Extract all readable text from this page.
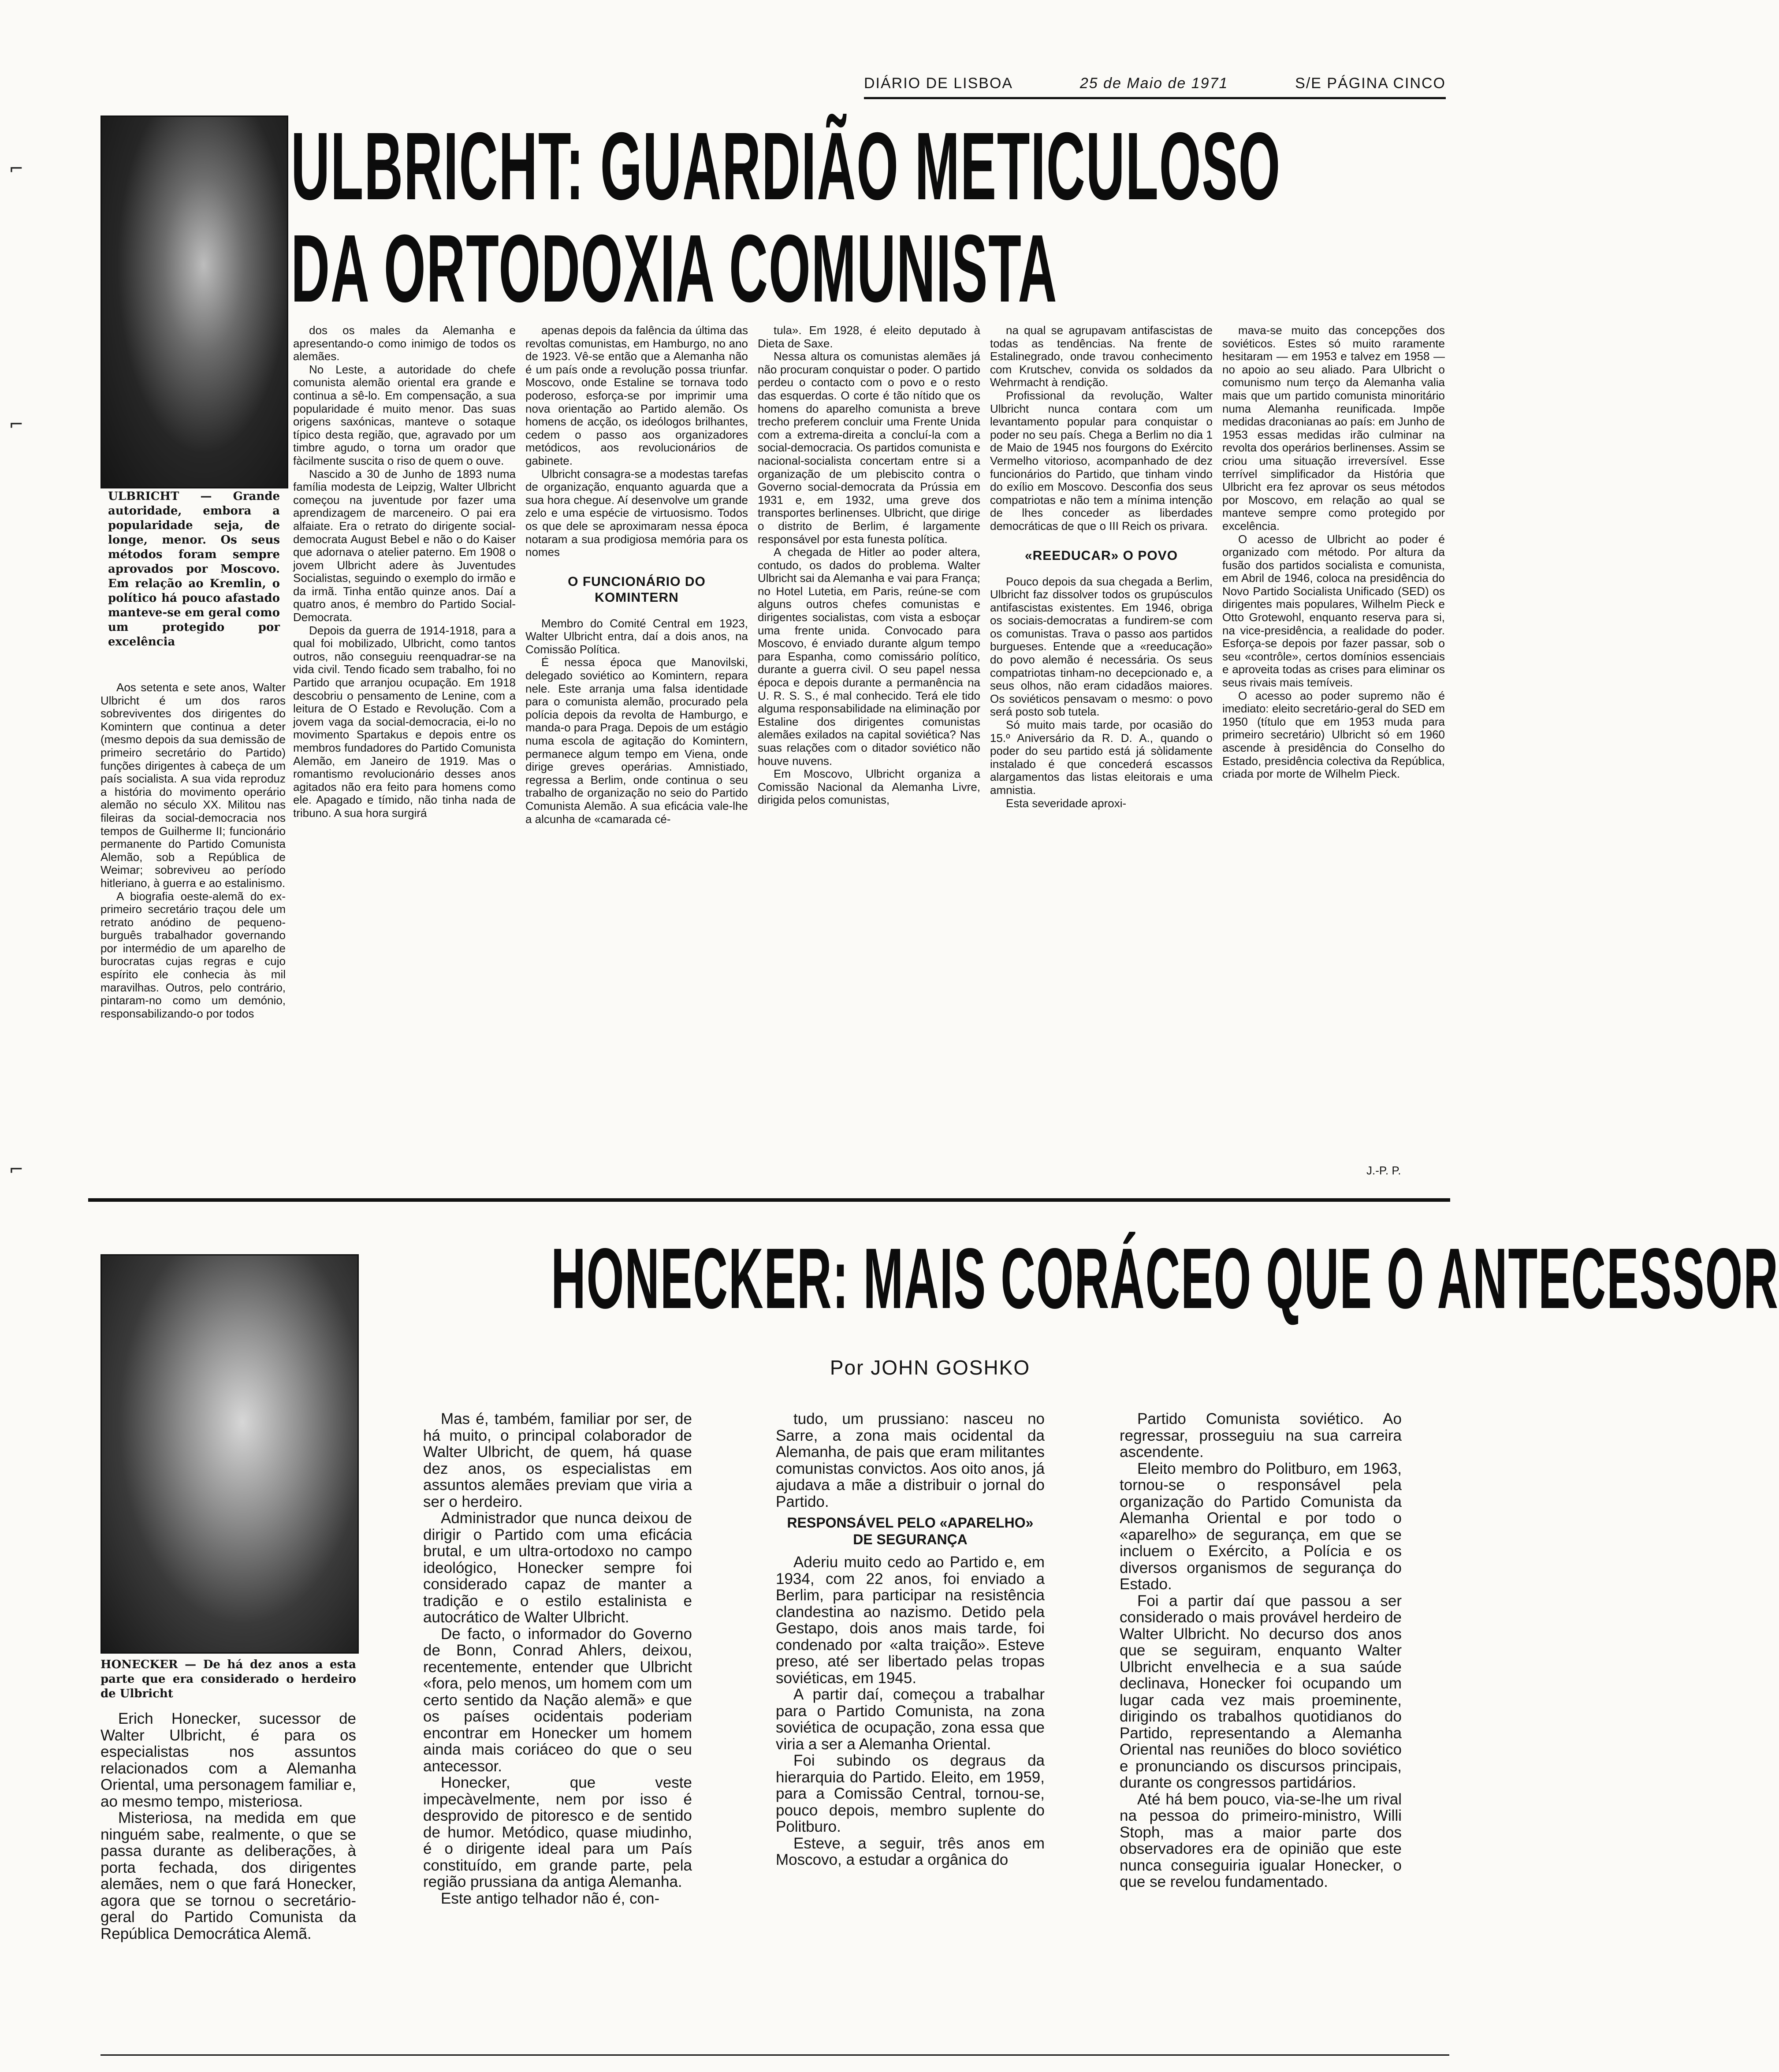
DIÁRIO DE LISBOA	25 de Maio de 1971	S/E PÁGINA CINCO
⌐
⌐
⌐
ULBRICHT: GUARDIÃO METICULOSO
DA ORTODOXIA COMUNISTA
ULBRICHT — Grande autoridade, embora a popularidade seja, de longe, menor. Os seus métodos foram sempre aprovados por Moscovo. Em relação ao Kremlin, o político há pouco afastado manteve-se em geral como um protegido por excelência

Aos setenta e sete anos, Walter Ulbricht é um dos raros sobreviventes dos dirigentes do Komintern que continua a deter (mesmo depois da sua demissão de primeiro secretário do Partido) funções dirigentes à cabeça de um país socialista. A sua vida reproduz a história do movimento operário alemão no século XX. Militou nas fileiras da social-democracia nos tempos de Guilherme II; funcionário permanente do Partido Comunista Alemão, sob a República de Weimar; sobreviveu ao período hitleriano, à guerra e ao estalinismo.

A biografia oeste-alemã do ex-primeiro secretário traçou dele um retrato anódino de pequeno-burguês trabalhador governando por intermédio de um aparelho de burocratas cujas regras e cujo espírito ele conhecia às mil maravilhas. Outros, pelo contrário, pintaram-no como um demónio, responsabilizando-o por todos

dos os males da Alemanha e apresentando-o como inimigo de todos os alemães.

No Leste, a autoridade do chefe comunista alemão oriental era grande e continua a sê-lo. Em compensação, a sua popularidade é muito menor. Das suas origens saxónicas, manteve o sotaque típico desta região, que, agravado por um timbre agudo, o torna um orador que fàcilmente suscita o riso de quem o ouve.

Nascido a 30 de Junho de 1893 numa família modesta de Leipzig, Walter Ulbricht começou na juventude por fazer uma aprendizagem de marceneiro. O pai era alfaiate. Era o retrato do dirigente social-democrata August Bebel e não o do Kaiser que adornava o atelier paterno. Em 1908 o jovem Ulbricht adere às Juventudes Socialistas, seguindo o exemplo do irmão e da irmã. Tinha então quinze anos. Daí a quatro anos, é membro do Partido Social-Democrata.

Depois da guerra de 1914-1918, para a qual foi mobilizado, Ulbricht, como tantos outros, não conseguiu reenquadrar-se na vida civil. Tendo ficado sem trabalho, foi no Partido que arranjou ocupação. Em 1918 descobriu o pensamento de Lenine, com a leitura de O Estado e Revolução. Com a jovem vaga da social-democracia, ei-lo no movimento Spartakus e depois entre os membros fundadores do Partido Comunista Alemão, em Janeiro de 1919. Mas o romantismo revolucionário desses anos agitados não era feito para homens como ele. Apagado e tímido, não tinha nada de tribuno. A sua hora surgirá

apenas depois da falência da última das revoltas comunistas, em Hamburgo, no ano de 1923. Vê-se então que a Alemanha não é um país onde a revolução possa triunfar. Moscovo, onde Estaline se tornava todo poderoso, esforça-se por imprimir uma nova orientação ao Partido alemão. Os homens de acção, os ideólogos brilhantes, cedem o passo aos organizadores metódicos, aos revolucionários de gabinete.

Ulbricht consagra-se a modestas tarefas de organização, enquanto aguarda que a sua hora chegue. Aí desenvolve um grande zelo e uma espécie de virtuosismo. Todos os que dele se aproximaram nessa época notaram a sua prodigiosa memória para os nomes

O FUNCIONÁRIO DO KOMINTERN

Membro do Comité Central em 1923, Walter Ulbricht entra, daí a dois anos, na Comissão Política.

É nessa época que Manovilski, delegado soviético ao Komintern, repara nele. Este arranja uma falsa identidade para o comunista alemão, procurado pela polícia depois da revolta de Hamburgo, e manda-o para Praga. Depois de um estágio numa escola de agitação do Komintern, permanece algum tempo em Viena, onde dirige greves operárias. Amnistiado, regressa a Berlim, onde continua o seu trabalho de organização no seio do Partido Comunista Alemão. A sua eficácia vale-lhe a alcunha de «camarada cé-

tula». Em 1928, é eleito deputado à Dieta de Saxe.

Nessa altura os comunistas alemães já não procuram conquistar o poder. O partido perdeu o contacto com o povo e o resto das esquerdas. O corte é tão nítido que os homens do aparelho comunista a breve trecho preferem concluir uma Frente Unida com a extrema-direita a concluí-la com a social-democracia. Os partidos comunista e nacional-socialista concertam entre si a organização de um plebiscito contra o Governo social-democrata da Prússia em 1931 e, em 1932, uma greve dos transportes berlinenses. Ulbricht, que dirige o distrito de Berlim, é largamente responsável por esta funesta política.

A chegada de Hitler ao poder altera, contudo, os dados do problema. Walter Ulbricht sai da Alemanha e vai para França; no Hotel Lutetia, em Paris, reúne-se com alguns outros chefes comunistas e dirigentes socialistas, com vista a esboçar uma frente unida. Convocado para Moscovo, é enviado durante algum tempo para Espanha, como comissário político, durante a guerra civil. O seu papel nessa época e depois durante a permanência na U. R. S. S., é mal conhecido. Terá ele tido alguma responsabilidade na eliminação por Estaline dos dirigentes comunistas alemães exilados na capital soviética? Nas suas relações com o ditador soviético não houve nuvens.

Em Moscovo, Ulbricht organiza a Comissão Nacional da Alemanha Livre, dirigida pelos comunistas,

na qual se agrupavam antifascistas de todas as tendências. Na frente de Estalinegrado, onde travou conhecimento com Krutschev, convida os soldados da Wehrmacht à rendição.

Profissional da revolução, Walter Ulbricht nunca contara com um levantamento popular para conquistar o poder no seu país. Chega a Berlim no dia 1 de Maio de 1945 nos fourgons do Exército Vermelho vitorioso, acompanhado de dez funcionários do Partido, que tinham vindo do exílio em Moscovo. Desconfia dos seus compatriotas e não tem a mínima intenção de lhes conceder as liberdades democráticas de que o III Reich os privara.

«REEDUCAR» O POVO

Pouco depois da sua chegada a Berlim, Ulbricht faz dissolver todos os grupúsculos antifascistas existentes. Em 1946, obriga os sociais-democratas a fundirem-se com os comunistas. Trava o passo aos partidos burgueses. Entende que a «reeducação» do povo alemão é necessária. Os seus compatriotas tinham-no decepcionado e, a seus olhos, não eram cidadãos maiores. Os soviéticos pensavam o mesmo: o povo será posto sob tutela.

Só muito mais tarde, por ocasião do 15.º Aniversário da R. D. A., quando o poder do seu partido está já sòlidamente instalado é que concederá escassos alargamentos das listas eleitorais e uma amnistia.

Esta severidade aproxi-

mava-se muito das concepções dos soviéticos. Estes só muito raramente hesitaram — em 1953 e talvez em 1958 — no apoio ao seu aliado. Para Ulbricht o comunismo num terço da Alemanha valia mais que um partido comunista minoritário numa Alemanha reunificada. Impõe medidas draconianas ao país: em Junho de 1953 essas medidas irão culminar na revolta dos operários berlinenses. Assim se criou uma situação irreversível. Esse terrível simplificador da História que Ulbricht era fez aprovar os seus métodos por Moscovo, em relação ao qual se manteve sempre como protegido por excelência.

O acesso de Ulbricht ao poder é organizado com método. Por altura da fusão dos partidos socialista e comunista, em Abril de 1946, coloca na presidência do Novo Partido Socialista Unificado (SED) os dirigentes mais populares, Wilhelm Pieck e Otto Grotewohl, enquanto reserva para si, na vice-presidência, a realidade do poder. Esforça-se depois por fazer passar, sob o seu «contrôle», certos domínios essenciais e aproveita todas as crises para eliminar os seus rivais mais temíveis.

O acesso ao poder supremo não é imediato: eleito secretário-geral do SED em 1950 (título que em 1953 muda para primeiro secretário) Ulbricht só em 1960 ascende à presidência do Conselho do Estado, presidência colectiva da República, criada por morte de Wilhelm Pieck.

J.-P. P.
HONECKER: MAIS CORÁCEO QUE O ANTECESSOR
Por JOHN GOSHKO
HONECKER — De há dez anos a esta parte que era considerado o herdeiro de Ulbricht

Erich Honecker, sucessor de Walter Ulbricht, é para os especialistas nos assuntos relacionados com a Alemanha Oriental, uma personagem familiar e, ao mesmo tempo, misteriosa.

Misteriosa, na medida em que ninguém sabe, realmente, o que se passa durante as deliberações, à porta fechada, dos dirigentes alemães, nem o que fará Honecker, agora que se tornou o secretário-geral do Partido Comunista da República Democrática Alemã.

Mas é, também, familiar por ser, de há muito, o principal colaborador de Walter Ulbricht, de quem, há quase dez anos, os especialistas em assuntos alemães previam que viria a ser o herdeiro.

Administrador que nunca deixou de dirigir o Partido com uma eficácia brutal, e um ultra-ortodoxo no campo ideológico, Honecker sempre foi considerado capaz de manter a tradição e o estilo estalinista e autocrático de Walter Ulbricht.

De facto, o informador do Governo de Bonn, Conrad Ahlers, deixou, recentemente, entender que Ulbricht «fora, pelo menos, um homem com um certo sentido da Nação alemã» e que os países ocidentais poderiam encontrar em Honecker um homem ainda mais coriáceo do que o seu antecessor.

Honecker, que veste impecàvelmente, nem por isso é desprovido de pitoresco e de sentido de humor. Metódico, quase miudinho, é o dirigente ideal para um País constituído, em grande parte, pela região prussiana da antiga Alemanha.

Este antigo telhador não é, con-

tudo, um prussiano: nasceu no Sarre, a zona mais ocidental da Alemanha, de pais que eram militantes comunistas convictos. Aos oito anos, já ajudava a mãe a distribuir o jornal do Partido.

RESPONSÁVEL PELO «APARELHO» DE SEGURANÇA

Aderiu muito cedo ao Partido e, em 1934, com 22 anos, foi enviado a Berlim, para participar na resistência clandestina ao nazismo. Detido pela Gestapo, dois anos mais tarde, foi condenado por «alta traição». Esteve preso, até ser libertado pelas tropas soviéticas, em 1945.

A partir daí, começou a trabalhar para o Partido Comunista, na zona soviética de ocupação, zona essa que viria a ser a Alemanha Oriental.

Foi subindo os degraus da hierarquia do Partido. Eleito, em 1959, para a Comissão Central, tornou-se, pouco depois, membro suplente do Politburo.

Esteve, a seguir, três anos em Moscovo, a estudar a orgânica do

Partido Comunista soviético. Ao regressar, prosseguiu na sua carreira ascendente.

Eleito membro do Politburo, em 1963, tornou-se o responsável pela organização do Partido Comunista da Alemanha Oriental e por todo o «aparelho» de segurança, em que se incluem o Exército, a Polícia e os diversos organismos de segurança do Estado.

Foi a partir daí que passou a ser considerado o mais provável herdeiro de Walter Ulbricht. No decurso dos anos que se seguiram, enquanto Walter Ulbricht envelhecia e a sua saúde declinava, Honecker foi ocupando um lugar cada vez mais proeminente, dirigindo os trabalhos quotidianos do Partido, representando a Alemanha Oriental nas reuniões do bloco soviético e pronunciando os discursos principais, durante os congressos partidários.

Até há bem pouco, via-se-lhe um rival na pessoa do primeiro-ministro, Willi Stoph, mas a maior parte dos observadores era de opinião que este nunca conseguiria igualar Honecker, o que se revelou fundamentado.
